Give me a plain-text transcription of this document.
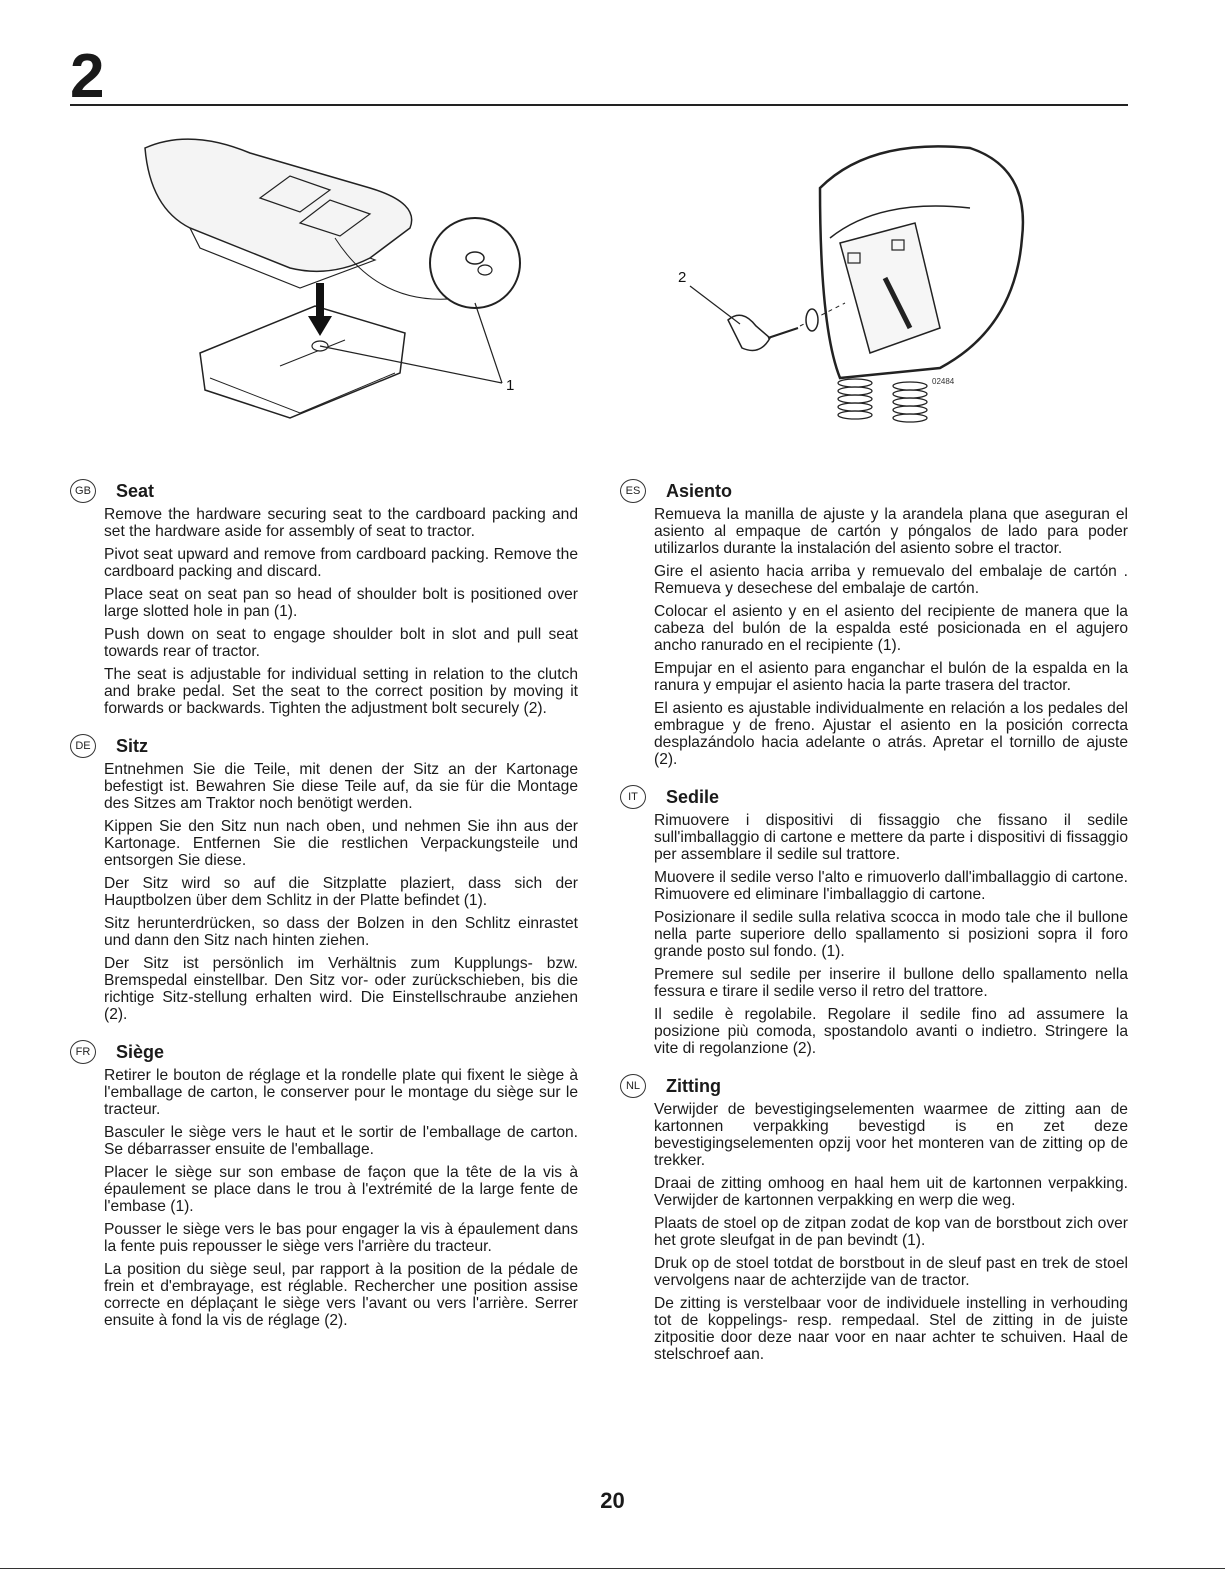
2
1
2
02484
GB Seat

Remove the hardware securing seat to the cardboard packing and set the hardware aside for assembly of seat to tractor.

Pivot seat upward and remove from cardboard packing. Remove the cardboard packing and discard.

Place seat on seat pan so head of shoulder bolt is positioned over large slotted hole in pan (1).

Push down on seat to engage shoulder bolt in slot and pull seat towards rear of tractor.

The seat is adjustable for individual setting in relation to the clutch and brake pedal. Set the seat to the correct position by moving it forwards or backwards. Tighten the adjustment bolt securely (2).

DE Sitz

Entnehmen Sie die Teile, mit denen der Sitz an der Kartonage befestigt ist. Bewahren Sie diese Teile auf, da sie für die Montage des Sitzes am Traktor noch benötigt werden.

Kippen Sie den Sitz nun nach oben, und nehmen Sie ihn aus der Kartonage. Entfernen Sie die restlichen Verpackungsteile und entsorgen Sie diese.

Der Sitz wird so auf die Sitzplatte plaziert, dass sich der Hauptbolzen über dem Schlitz in der Platte befindet (1).

Sitz herunterdrücken, so dass der Bolzen in den Schlitz einrastet und dann den Sitz nach hinten ziehen.

Der Sitz ist persönlich im Verhältnis zum Kupplungs- bzw. Bremspedal einstellbar. Den Sitz vor- oder zurückschieben, bis die richtige Sitz-stellung erhalten wird. Die Einstellschraube anziehen (2).

FR	Siège

Retirer le bouton de réglage et la rondelle plate qui fixent le siège à l'emballage de carton, le conserver pour le montage du siège sur le tracteur.

Basculer le siège vers le haut et le sortir de l'emballage de carton. Se débarrasser ensuite de l'emballage.

Placer le siège sur son embase de façon que la tête de la vis à épaulement se place dans le trou à l'extrémité de la large fente de l'embase (1).

Pousser le siège vers le bas pour engager la vis à épaulement dans la fente puis repousser le siège vers l'arrière du tracteur.

La position du siège seul, par rapport à la position de la pédale de frein et d'embrayage, est réglable. Rechercher une position assise correcte en déplaçant le siège vers l'avant ou vers l'arrière. Serrer ensuite à fond la vis de réglage (2).

ES	Asiento

Remueva la manilla de ajuste y la arandela plana que aseguran el asiento al empaque de cartón y póngalos de lado para poder utilizarlos durante la instalación del asiento sobre el tractor.

Gire el asiento hacia arriba y remuevalo del embalaje de cartón . Remueva y desechese del embalaje de cartón.

Colocar el asiento y en el asiento del recipiente de manera que la cabeza del bulón de la espalda esté posicionada en el agujero ancho ranurado en el recipiente (1).

Empujar en el asiento para enganchar el bulón de la espalda en la ranura y empujar el asiento hacia la parte trasera del tractor.

El asiento es ajustable individualmente en relación a los pedales del embrague y de freno. Ajustar el asiento en la posición correcta desplazándolo hacia adelante o atrás. Apretar el tornillo de ajuste (2).

IT	Sedile

Rimuovere i dispositivi di fissaggio che fissano il sedile sull'imballaggio di cartone e mettere da parte i dispositivi di fissaggio per assemblare il sedile sul trattore.

Muovere il sedile verso l'alto e rimuoverlo dall'imballaggio di cartone. Rimuovere ed eliminare l'imballaggio di cartone.

Posizionare il sedile sulla relativa scocca in modo tale che il bullone nella parte superiore dello spallamento si posizioni sopra il foro grande posto sul fondo. (1).

Premere sul sedile per inserire il bullone dello spallamento nella fessura e tirare il sedile verso il retro del trattore.

Il sedile è regolabile. Regolare il sedile fino ad assumere la posizione più comoda, spostandolo avanti o indietro. Stringere la vite di regolanzione (2).

NL	Zitting

Verwijder de bevestigingselementen waarmee de zitting aan de kartonnen verpakking bevestigd is en zet deze bevestigingselementen opzij voor het monteren van de zitting op de trekker.

Draai de zitting omhoog en haal hem uit de kartonnen verpakking. Verwijder de kartonnen verpakking en werp die weg.

Plaats de stoel op de zitpan zodat de kop van de borstbout zich over het grote sleufgat in de pan bevindt (1).

Druk op de stoel totdat de borstbout in de sleuf past en trek de stoel vervolgens naar de achterzijde van de tractor.

De zitting is verstelbaar voor de individuele instelling in verhouding tot de koppelings- resp. rempedaal. Stel de zitting in de juiste zitpositie door deze naar voor en naar achter te schuiven. Haal de stelschroef aan.

20
